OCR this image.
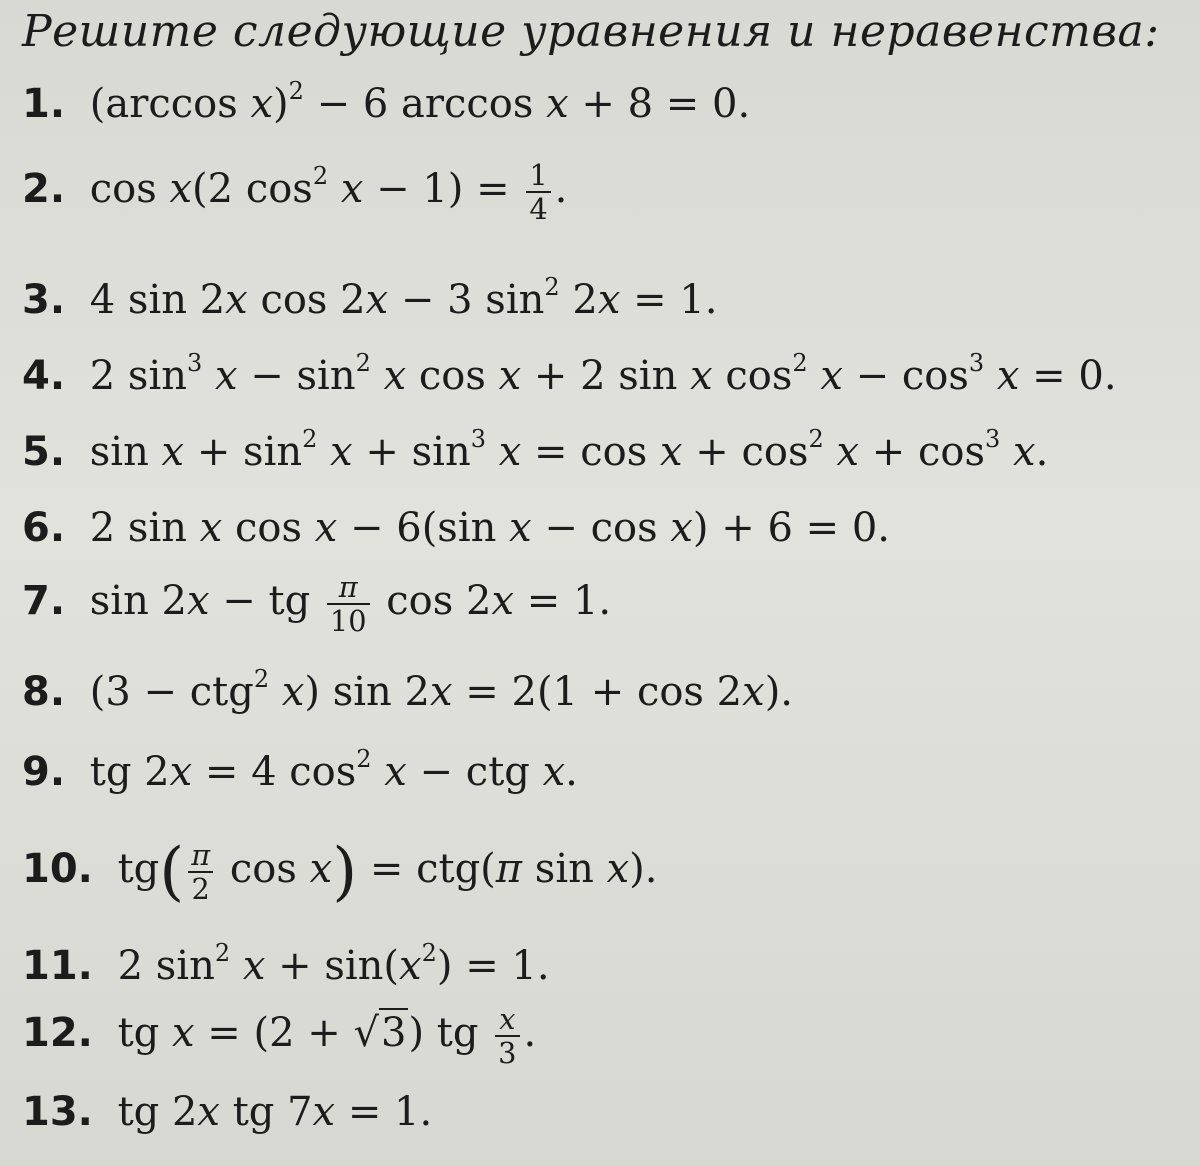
Решите следующие уравнения и неравенства:
1. (arccos x)$^2$ − 6 arccos x + 8 = 0.
2. cos x(2 $\cos^2 x - 1) = \frac{1}{4}$ .
3. 4 sin 2x cos 2x − 3 $\sin^2 2x = 1$.
4. 2 $\sin^3 x - \sin^2 x$ cos x + 2 sin x $\cos^2 x - \cos^3 x = 0$.
5. $\sin x + \sin^2 x + \sin^3 x = \cos x + \cos^2 x + \cos^3 x$.
6. 2 sin x cos x − 6(sin x − cos x) + 6 = 0.
7. sin 2x − tg $\frac{\pi}{10}$ cos 2x = 1.
8. (3 − ctg$^2$ x) sin 2x = 2(1 + cos 2x).
9. tg 2x = 4 $\cos^2 x$ − ctg x.
10. $tg( \frac{\pi}{2}$ cos x) = ctg(π sin x).
11. 2 $\sin^2 x + \sin(x^2) = 1$.
12. tg x = (2 + √3) tg $\frac{x}{3}$ .
13. tg 2x tg 7x = 1.
